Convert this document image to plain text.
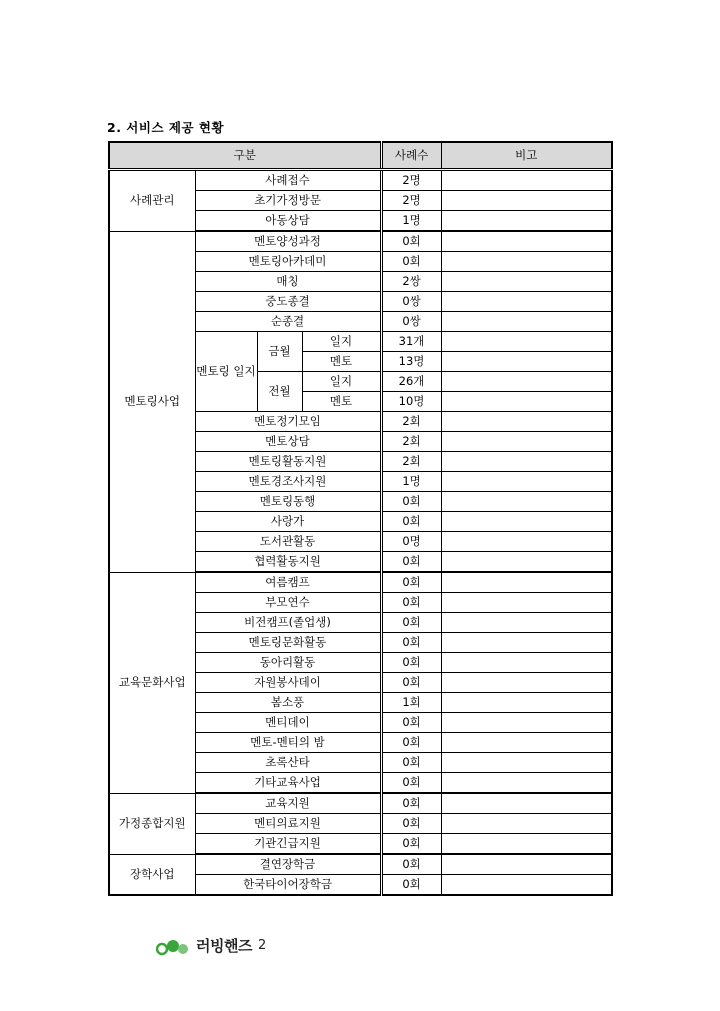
2. 서비스 제공 현황
구분				사례수	비고
사례관리	사례접수			2명	
	초기가정방문			2명	
	아동상담			1명	
멘토링사업	멘토양성과정			0회	
	멘토링아카데미			0회	
	매칭			2쌍	
	중도종결			0쌍	
	순종결			0쌍	
	멘토링 일지	금월	일지	31개	
			멘토	13명	
		전월	일지	26개	
			멘토	10명	
	멘토정기모임			2회	
	멘토상담			2회	
	멘토링활동지원			2회	
	멘토경조사지원			1명	
	멘토링동행			0회	
	사랑가			0회	
	도서관활동			0명	
	협력활동지원			0회	
교육문화사업	여름캠프			0회	
	부모연수			0회	
	비전캠프(졸업생)			0회	
	멘토링문화활동			0회	
	동아리활동			0회	
	자원봉사데이			0회	
	봄소풍			1회	
	멘티데이			0회	
	멘토-멘티의 밤			0회	
	초록산타			0회	
	기타교육사업			0회	
가정종합지원	교육지원			0회	
	멘티의료지원			0회	
	기관긴급지원			0회	
장학사업	결연장학금			0회	
	한국타이어장학금			0회	
러빙핸즈 2
